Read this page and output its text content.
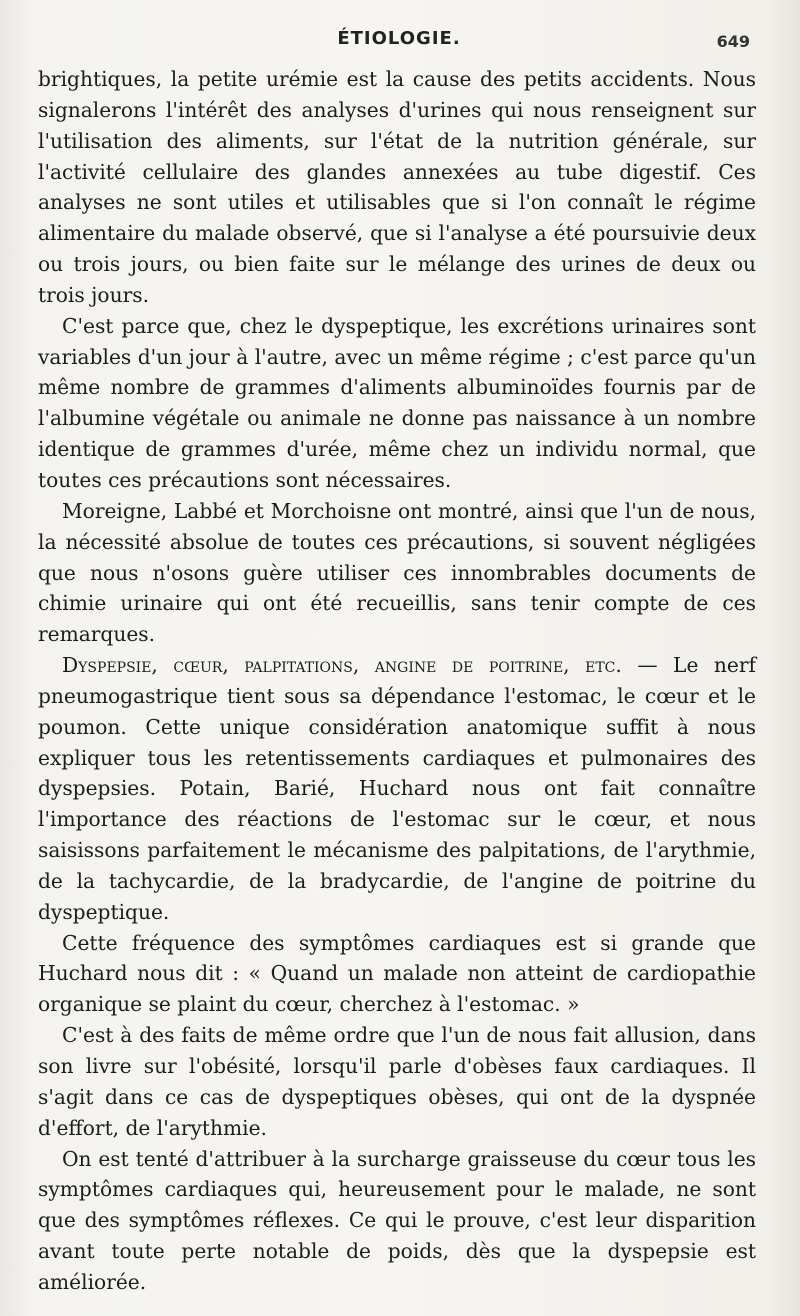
ÉTIOLOGIE.	649

brightiques, la petite urémie est la cause des petits accidents. Nous signalerons l'intérêt des analyses d'urines qui nous renseignent sur l'utilisation des aliments, sur l'état de la nutrition générale, sur l'activité cellulaire des glandes annexées au tube digestif. Ces analyses ne sont utiles et utilisables que si l'on connaît le régime alimentaire du malade observé, que si l'analyse a été poursuivie deux ou trois jours, ou bien faite sur le mélange des urines de deux ou trois jours.

C'est parce que, chez le dyspeptique, les excrétions urinaires sont variables d'un jour à l'autre, avec un même régime ; c'est parce qu'un même nombre de grammes d'aliments albuminoïdes fournis par de l'albumine végétale ou animale ne donne pas naissance à un nombre identique de grammes d'urée, même chez un individu normal, que toutes ces précautions sont nécessaires.

Moreigne, Labbé et Morchoisne ont montré, ainsi que l'un de nous, la nécessité absolue de toutes ces précautions, si souvent négligées que nous n'osons guère utiliser ces innombrables documents de chimie urinaire qui ont été recueillis, sans tenir compte de ces remarques.

Dyspepsie, cœur, palpitations, angine de poitrine, etc. — Le nerf pneumogastrique tient sous sa dépendance l'estomac, le cœur et le poumon. Cette unique considération anatomique suffit à nous expliquer tous les retentissements cardiaques et pulmonaires des dyspepsies. Potain, Barié, Huchard nous ont fait connaître l'importance des réactions de l'estomac sur le cœur, et nous saisissons parfaitement le mécanisme des palpitations, de l'arythmie, de la tachycardie, de la bradycardie, de l'angine de poitrine du dyspeptique.

Cette fréquence des symptômes cardiaques est si grande que Huchard nous dit : « Quand un malade non atteint de cardiopathie organique se plaint du cœur, cherchez à l'estomac. »

C'est à des faits de même ordre que l'un de nous fait allusion, dans son livre sur l'obésité, lorsqu'il parle d'obèses faux cardiaques. Il s'agit dans ce cas de dyspeptiques obèses, qui ont de la dyspnée d'effort, de l'arythmie.

On est tenté d'attribuer à la surcharge graisseuse du cœur tous les symptômes cardiaques qui, heureusement pour le malade, ne sont que des symptômes réflexes. Ce qui le prouve, c'est leur disparition avant toute perte notable de poids, dès que la dyspepsie est améliorée.
